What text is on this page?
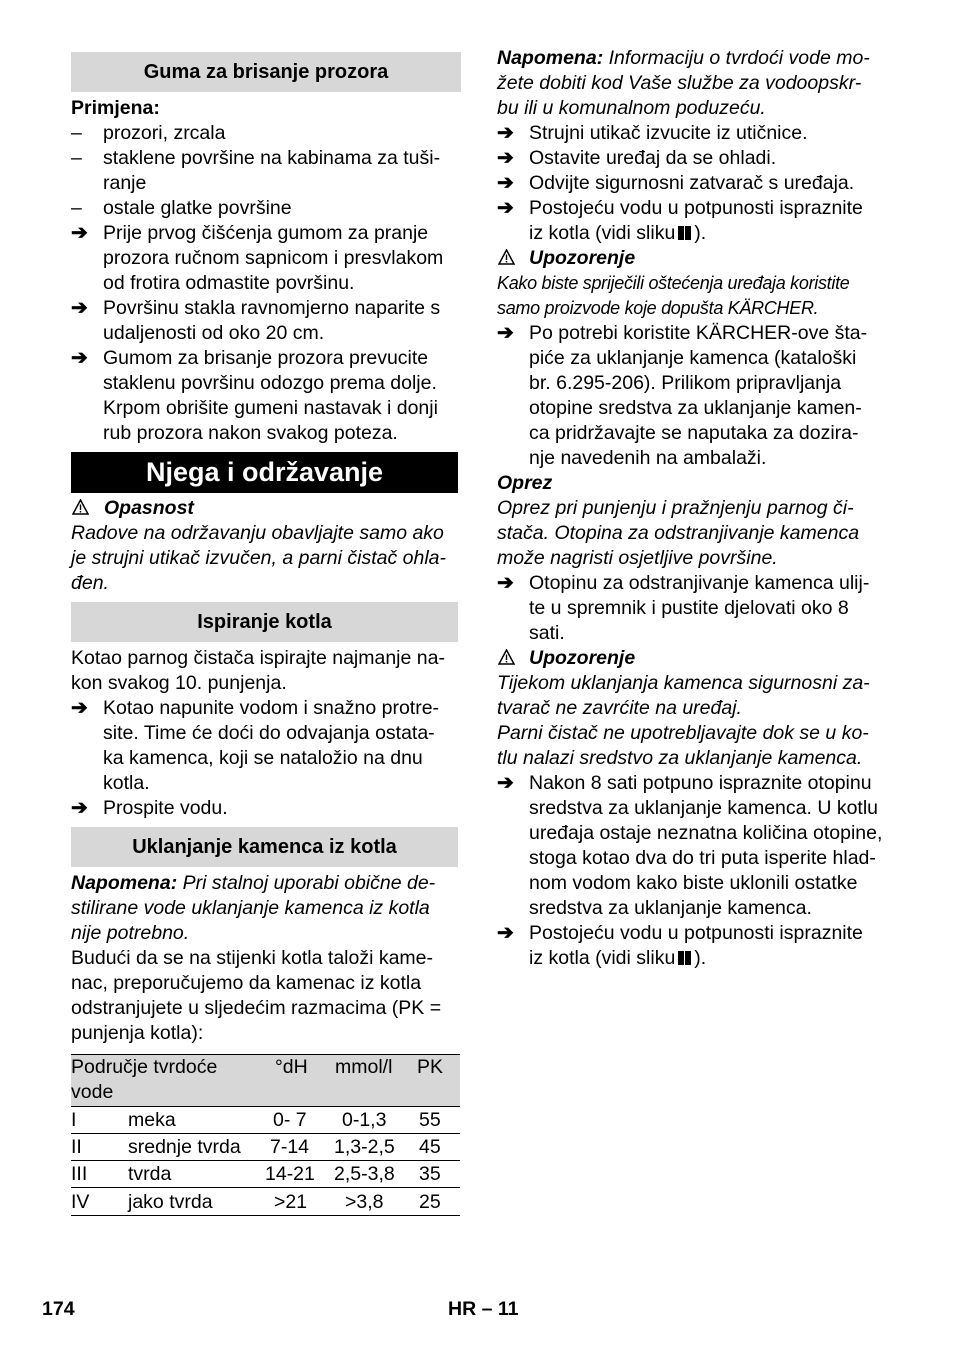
Guma za brisanje prozora
Primjena:
– prozori, zrcala
– staklene površine na kabinama za tuši-
ranje
– ostale glatke površine
➔ Prije prvog čišćenja gumom za pranje
prozora ručnom sapnicom i presvlakom
od frotira odmastite površinu.
➔ Površinu stakla ravnomjerno naparite s
udaljenosti od oko 20 cm.
➔ Gumom za brisanje prozora prevucite
staklenu površinu odozgo prema dolje.
Krpom obrišite gumeni nastavak i donji
rub prozora nakon svakog poteza.
Njega i održavanje
Opasnost
Radove na održavanju obavljajte samo ako
je strujni utikač izvučen, a parni čistač ohla-
đen.
Ispiranje kotla
Kotao parnog čistača ispirajte najmanje na-
kon svakog 10. punjenja.
➔ Kotao napunite vodom i snažno protre-
site. Time će doći do odvajanja ostata-
ka kamenca, koji se nataložio na dnu
kotla.
➔ Prospite vodu.
Uklanjanje kamenca iz kotla
Napomena: Pri stalnoj uporabi obične de-
stilirane vode uklanjanje kamenca iz kotla
nije potrebno.
Budući da se na stijenki kotla taloži kame-
nac, preporučujemo da kamenac iz kotla
odstranjujete u sljedećim razmacima (PK =
punjenja kotla):
Područje tvrdoće
vode
°dH mmol/l PK
I	meka	0- 7 0-1,3 55
II srednje tvrda 7-14 1,3-2,5 45
III tvrda	14-21 2,5-3,8 35
IV jako tvrda	>21 >3,8 25
Napomena: Informaciju o tvrdoći vode mo-
žete dobiti kod Vaše službe za vodoopskr-
bu ili u komunalnom poduzeću.
➔ Strujni utikač izvucite iz utičnice.
➔ Ostavite uređaj da se ohladi.
➔ Odvijte sigurnosni zatvarač s uređaja.
➔ Postojeću vodu u potpunosti ispraznite
iz kotla (vidi sliku ).
Upozorenje
Kako biste spriječili oštećenja uređaja koristite
samo proizvode koje dopušta KÄRCHER.
➔ Po potrebi koristite KÄRCHER-ove šta-
piće za uklanjanje kamenca (kataloški
br. 6.295-206). Prilikom pripravljanja
otopine sredstva za uklanjanje kamen-
ca pridržavajte se naputaka za dozira-
nje navedenih na ambalaži.
Oprez
Oprez pri punjenju i pražnjenju parnog či-
stača. Otopina za odstranjivanje kamenca
može nagristi osjetljive površine.
➔ Otopinu za odstranjivanje kamenca ulij-
te u spremnik i pustite djelovati oko 8
sati.
Upozorenje
Tijekom uklanjanja kamenca sigurnosni za-
tvarač ne zavrćite na uređaj.
Parni čistač ne upotrebljavajte dok se u ko-
tlu nalazi sredstvo za uklanjanje kamenca.
➔ Nakon 8 sati potpuno ispraznite otopinu
sredstva za uklanjanje kamenca. U kotlu
uređaja ostaje neznatna količina otopine,
stoga kotao dva do tri puta isperite hlad-
nom vodom kako biste uklonili ostatke
sredstva za uklanjanje kamenca.
➔ Postojeću vodu u potpunosti ispraznite
iz kotla (vidi sliku ).
174	HR – 11
